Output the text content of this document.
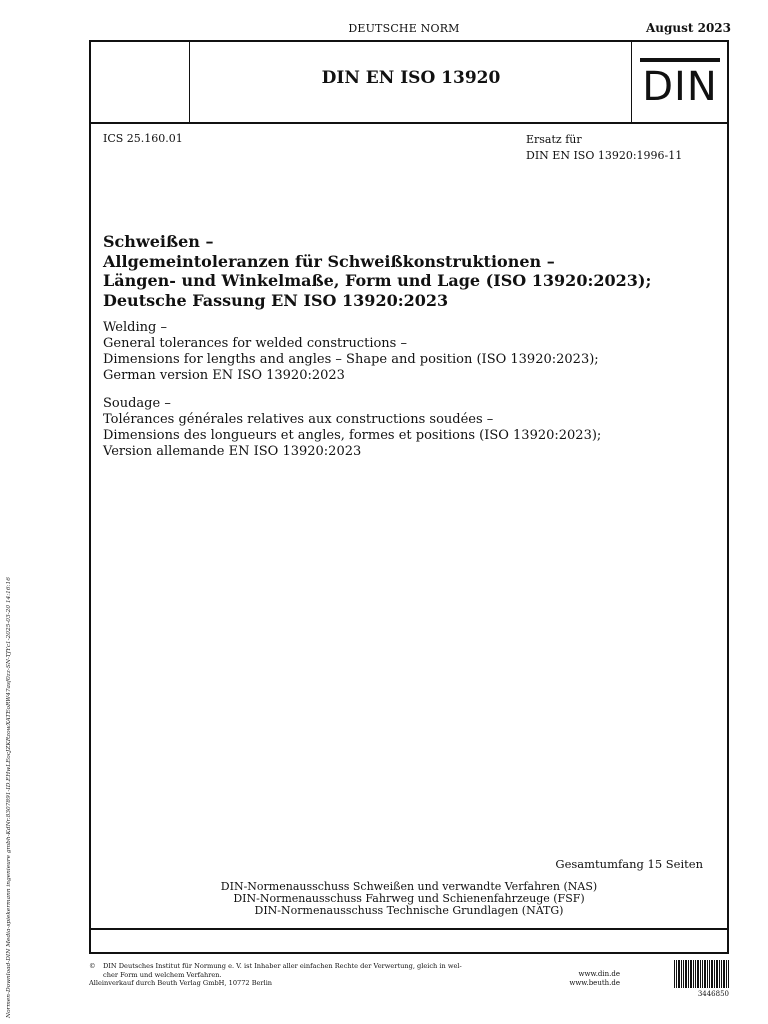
DEUTSCHE NORM	August 2023
DIN EN ISO 13920	DIN
ICS 25.160.01	Ersatz für
DIN EN ISO 13920:1996-11
Schweißen –
Allgemeintoleranzen für Schweißkonstruktionen –
Längen- und Winkelmaße, Form und Lage (ISO 13920:2023);
Deutsche Fassung EN ISO 13920:2023
Welding –
General tolerances for welded constructions –
Dimensions for lengths and angles – Shape and position (ISO 13920:2023);
German version EN ISO 13920:2023
Soudage –
Tolérances générales relatives aux constructions soudées –
Dimensions des longueurs et angles, formes et positions (ISO 13920:2023);
Version allemande EN ISO 13920:2023
Gesamtumfang 15 Seiten
DIN-Normenausschuss Schweißen und verwandte Verfahren (NAS)
DIN-Normenausschuss Fahrweg und Schienenfahrzeuge (FSF)
DIN-Normenausschuss Technische Grundlagen (NATG)
© DIN Deutsches Institut für Normung e. V. ist Inhaber aller einfachen Rechte der Verwertung, gleich in wel-
cher Form und welchem Verfahren.
Alleinverkauf durch Beuth Verlag GmbH, 10772 Berlin
www.din.de
www.beuth.de
3446850
Normen-Download-DIN Media-spiekermann ingenieure gmbh-KdNr.8307891-ID.EHwLEocJZKRzowXATEoRW47asf0zz-SN-TJYc1-2025-03-20 14:16:16
